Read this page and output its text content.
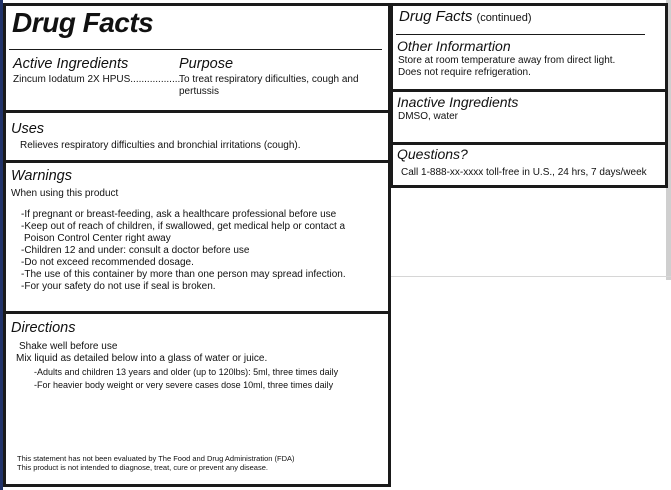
Drug Facts
Active Ingredients	Purpose
Zincum Iodatum 2X HPUS...................
To treat respiratory dificulties, cough and
pertussis
Uses
Relieves respiratory difficulties and bronchial irritations (cough).
Warnings
When using this product
-If pregnant or breast-feeding, ask a healthcare professional before use
-Keep out of reach of children, if swallowed, get medical help or contact a
Poison Control Center right away
-Children 12 and under: consult a doctor before use
-Do not exceed recommended dosage.
-The use of this container by more than one person may spread infection.
-For your safety do not use if seal is broken.
Directions
Shake well before use
Mix liquid as detailed below into a glass of water or juice.
-Adults and children 13 years and older (up to 120lbs): 5ml, three times daily
-For heavier body weight or very severe cases dose 10ml, three times daily
This statement has not been evaluated by The Food and Drug Administration (FDA)
This product is not intended to diagnose, treat, cure or prevent any disease.
Drug Facts (continued)
Other Informartion
Store at room temperature away from direct light.
Does not require refrigeration.
Inactive Ingredients
DMSO, water
Questions?
Call 1-888-xx-xxxx toll-free in U.S., 24 hrs, 7 days/week
